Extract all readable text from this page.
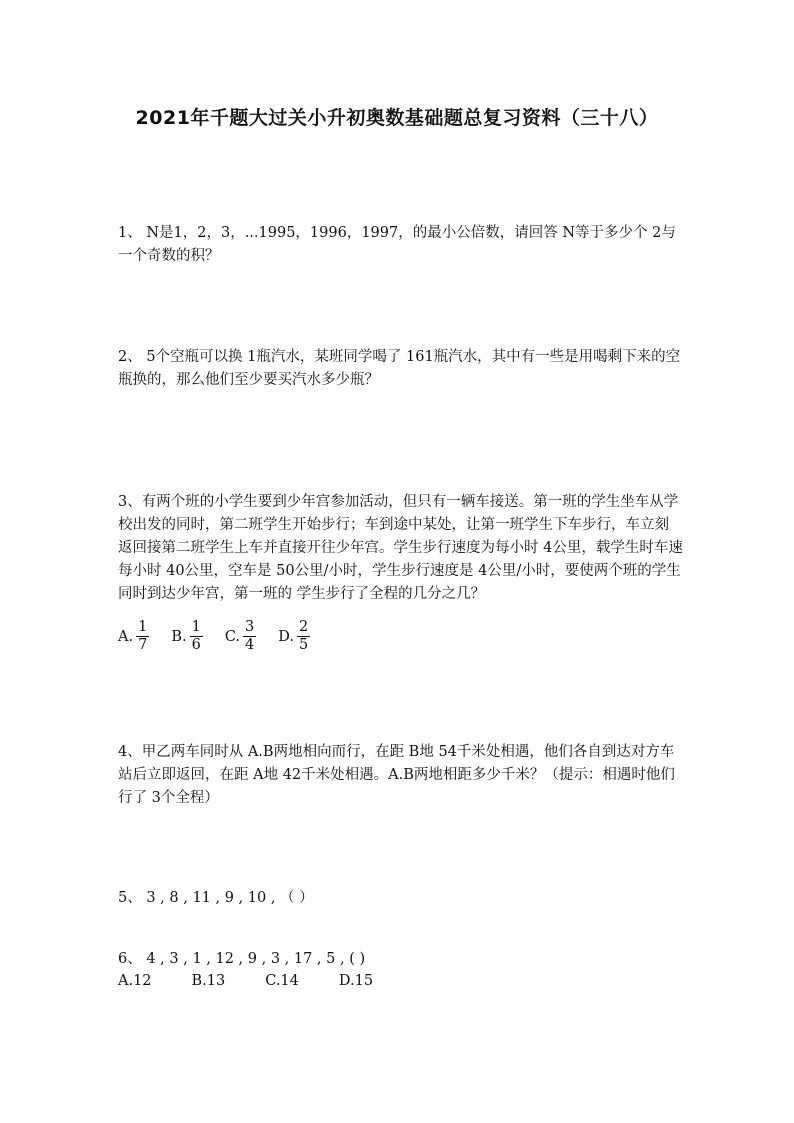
2021年千题大过关小升初奥数基础题总复习资料（三十八）
1、 N是1，2，3，...1995，1996，1997，的最小公倍数，请回答 N等于多少个 2与一个奇数的积？
2、 5个空瓶可以换 1瓶汽水，某班同学喝了 161瓶汽水，其中有一些是用喝剩下来的空瓶换的，那么他们至少要买汽水多少瓶？
3、有两个班的小学生要到少年宫参加活动，但只有一辆车接送。第一班的学生坐车从学校出发的同时，第二班学生开始步行；车到途中某处，让第一班学生下车步行，车立刻返回接第二班学生上车并直接开往少年宫。学生步行速度为每小时 4公里，载学生时车速每小时 40公里，空车是 50公里/小时，学生步行速度是 4公里/小时，要使两个班的学生同时到达少年宫，第一班的 学生步行了全程的几分之几？
A. $\frac{1}{7} B$. $\frac{1}{6} C$. $\frac{3}{4} D$. $\frac{2}{5}$
4、甲乙两车同时从 A.B两地相向而行，在距 B地 54千米处相遇，他们各自到达对方车站后立即返回，在距 A地 42千米处相遇。A.B两地相距多少千米？（提示：相遇时他们行了 3个全程）
5、 3 , 8 , 11 , 9 , 10 , （ ）
6、 4 , 3 , 1 , 12 , 9 , 3 , 17 , 5 , ( )
A.12	B.13	C.14	D.15
